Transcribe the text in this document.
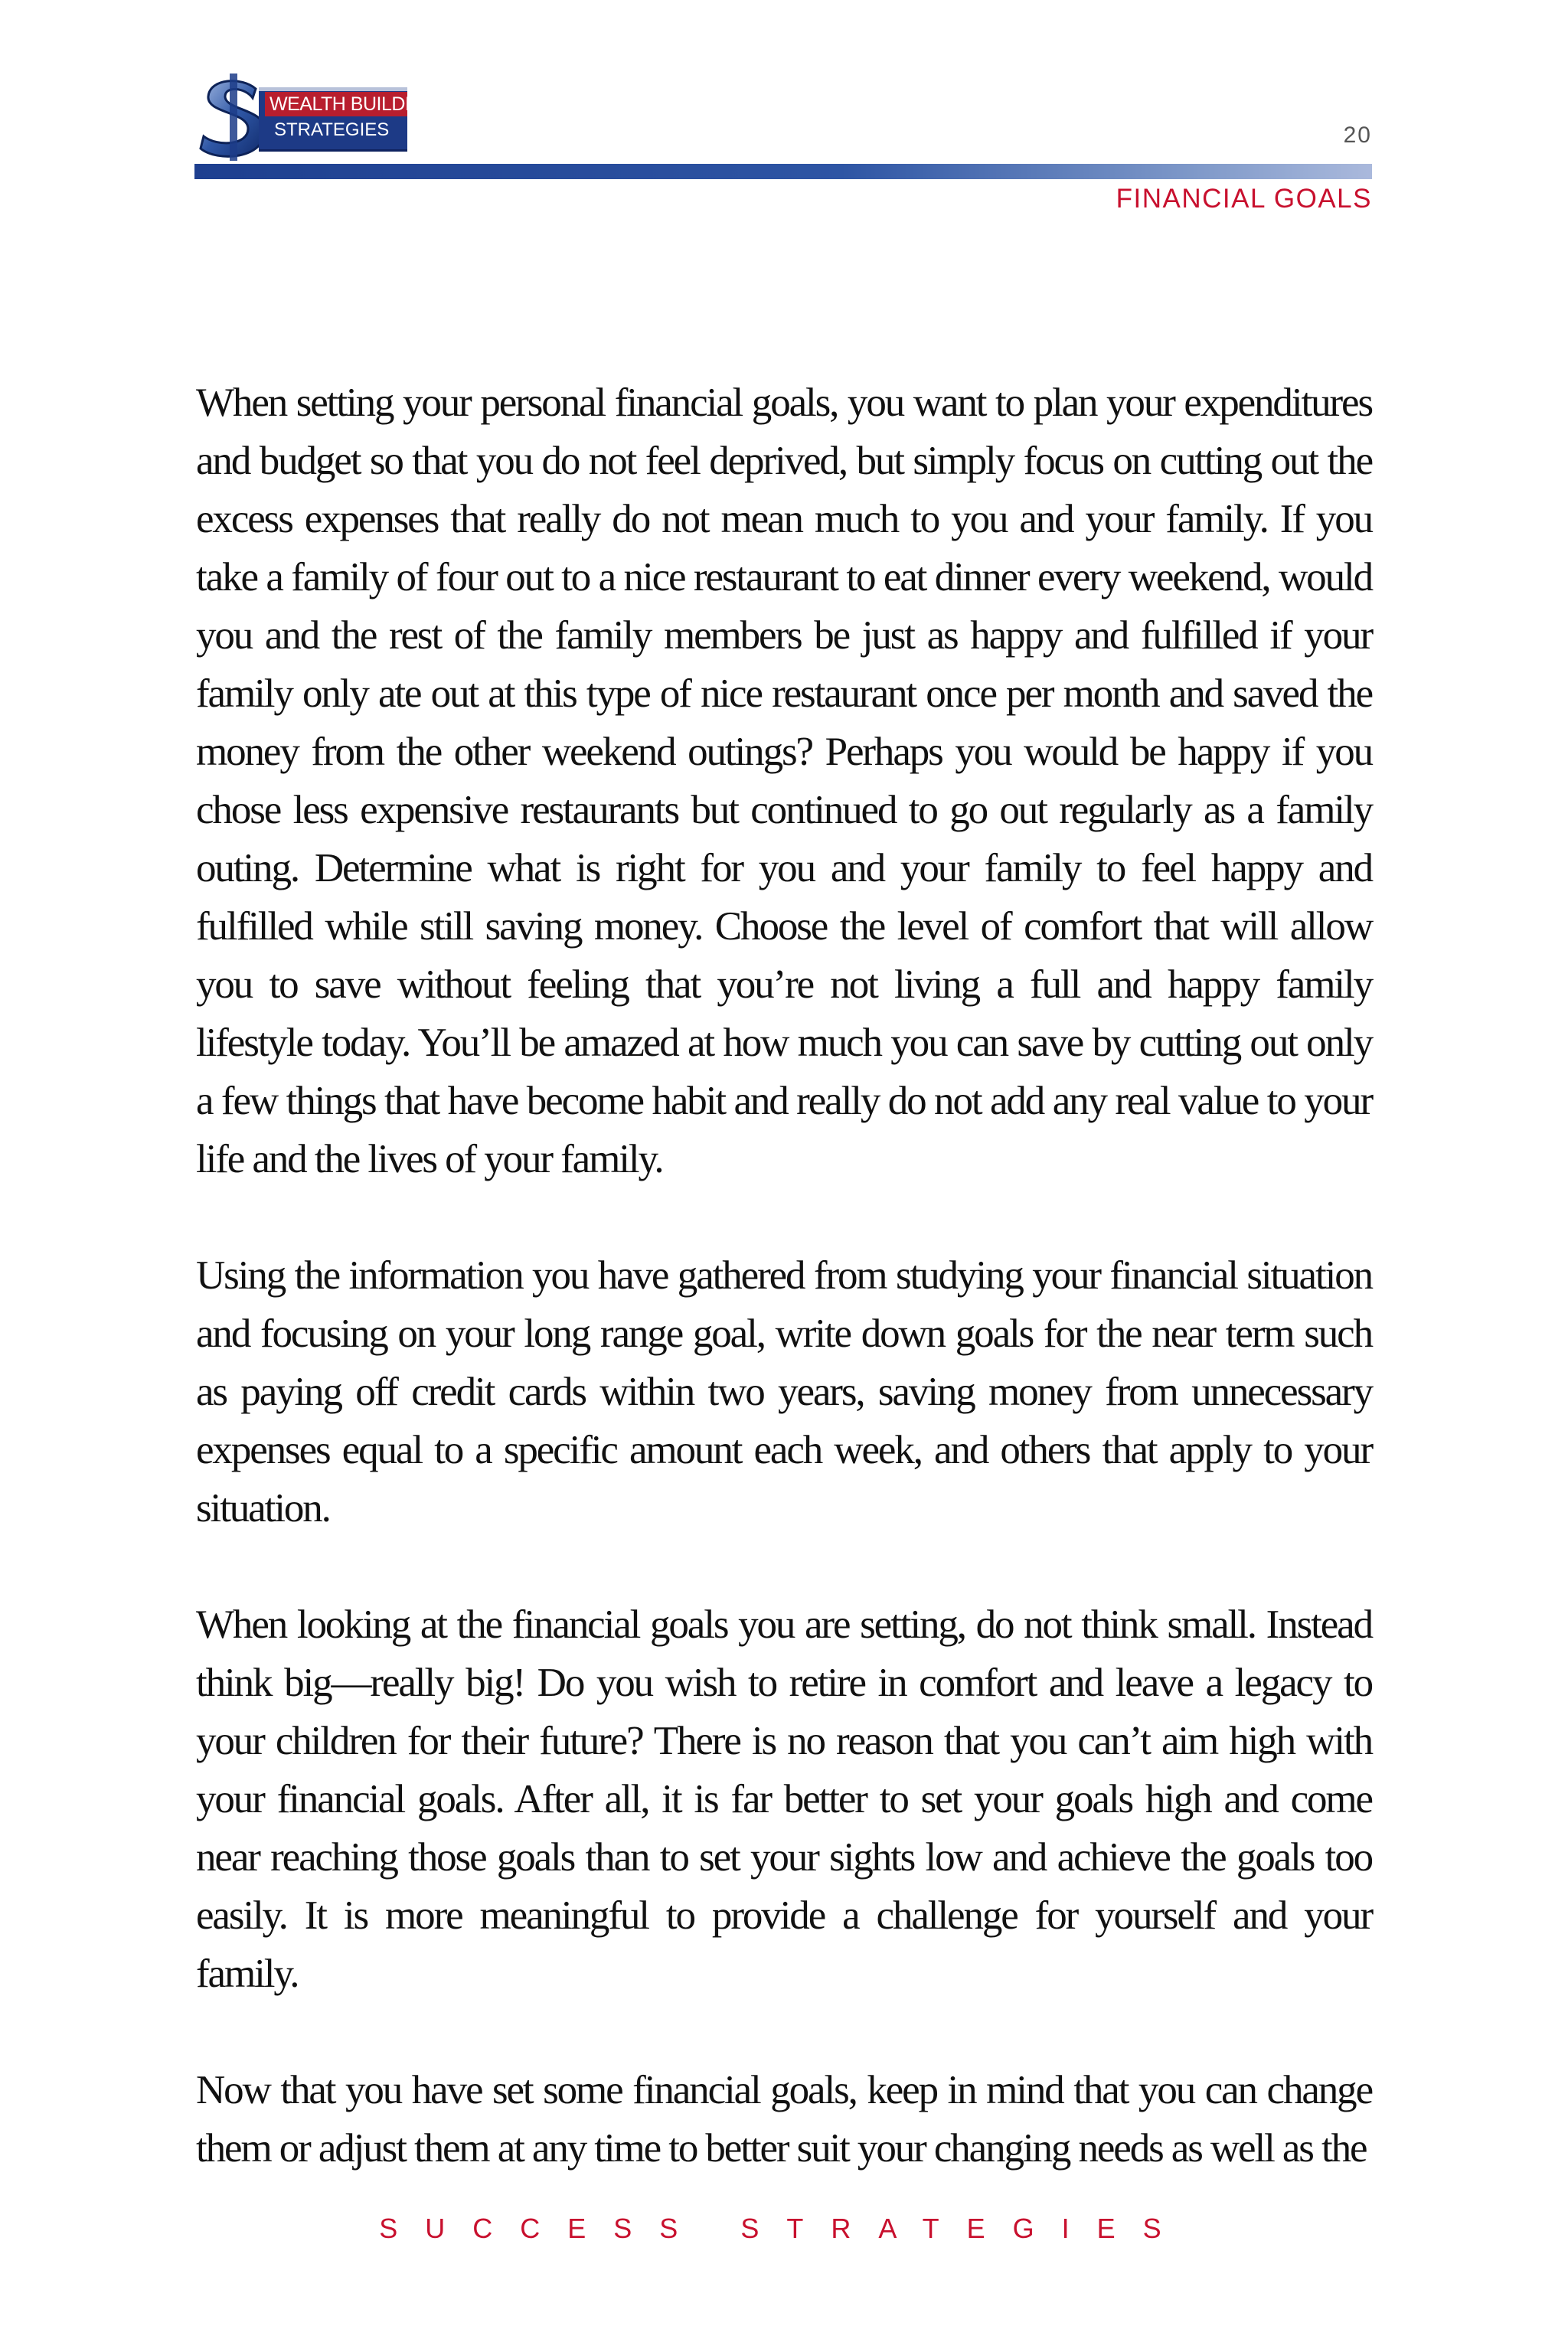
WEALTH BUILDING
STRATEGIES	20
FINANCIAL GOALS

When setting your personal financial goals, you want to plan your expenditures and budget so that you do not feel deprived, but simply focus on cutting out the excess expenses that really do not mean much to you and your family. If you take a family of four out to a nice restaurant to eat dinner every weekend, would you and the rest of the family members be just as happy and fulfilled if your family only ate out at this type of nice restaurant once per month and saved the money from the other weekend outings? Perhaps you would be happy if you chose less expensive restaurants but continued to go out regularly as a family outing. Determine what is right for you and your family to feel happy and fulfilled while still saving money. Choose the level of comfort that will allow you to save without feeling that you’re not living a full and happy family lifestyle today. You’ll be amazed at how much you can save by cutting out only a few things that have become habit and really do not add any real value to your life and the lives of your family.

Using the information you have gathered from studying your financial situation and focusing on your long range goal, write down goals for the near term such as paying off credit cards within two years, saving money from unnecessary expenses equal to a specific amount each week, and others that apply to your situation.

When looking at the financial goals you are setting, do not think small. Instead think big—really big! Do you wish to retire in comfort and leave a legacy to your children for their future? There is no reason that you can’t aim high with your financial goals. After all, it is far better to set your goals high and come near reaching those goals than to set your sights low and achieve the goals too easily. It is more meaningful to provide a challenge for yourself and your family.

Now that you have set some financial goals, keep in mind that you can change them or adjust them at any time to better suit your changing needs as well as the

SUCCESS STRATEGIES
